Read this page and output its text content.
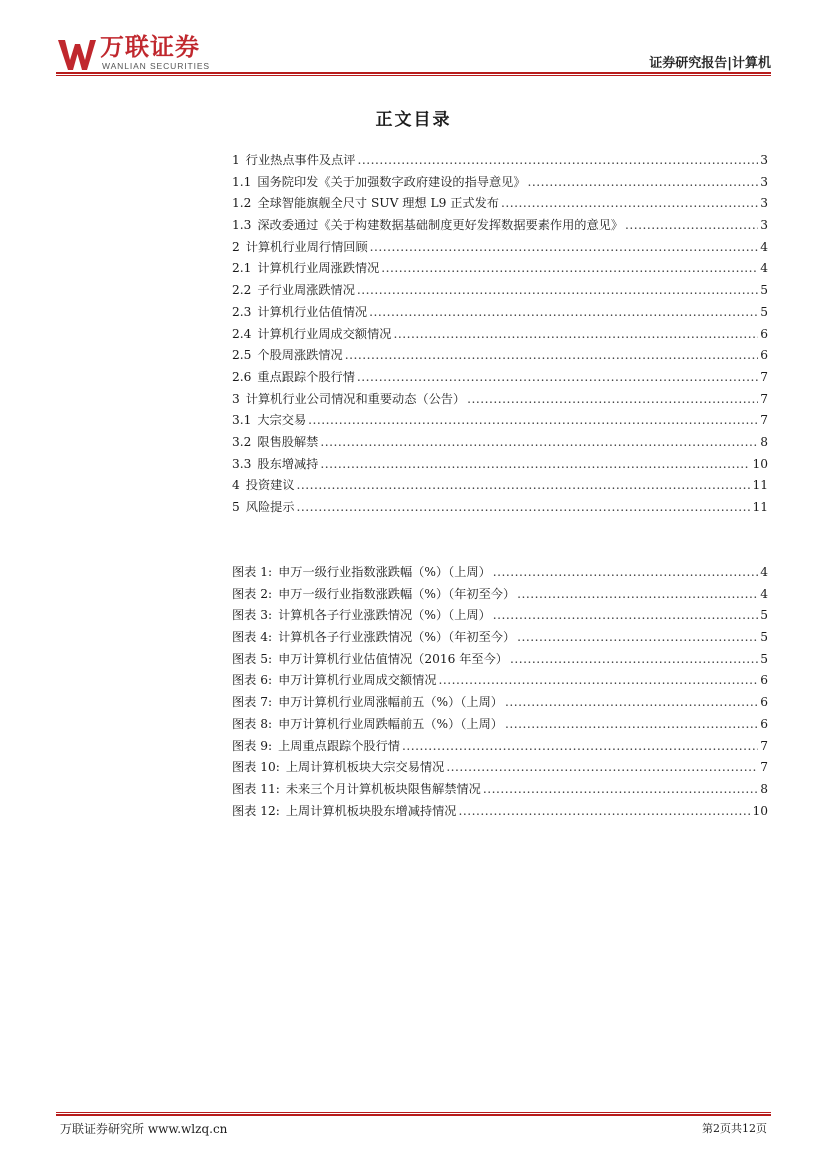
万联证券
WANLIAN SECURITIES	证券研究报告|计算机
正文目录
1 行业热点事件及点评 .....	3
1.1 国务院印发《关于加强数字政府建设的指导意见》 .....	3
1.2 全球智能旗舰全尺寸 SUV 理想 L9 正式发布 .....	3
1.3 深改委通过《关于构建数据基础制度更好发挥数据要素作用的意见》 .....	3
2 计算机行业周行情回顾 .....	4
2.1 计算机行业周涨跌情况 .....	4
2.2 子行业周涨跌情况 .....	5
2.3 计算机行业估值情况 .....	5
2.4 计算机行业周成交额情况 .....	6
2.5 个股周涨跌情况 .....	6
2.6 重点跟踪个股行情 .....	7
3 计算机行业公司情况和重要动态（公告） .....	7
3.1 大宗交易 .....	7
3.2 限售股解禁 .....	8
3.3 股东增减持 .....	10
4 投资建议 .....	11
5 风险提示 .....	11
图表 1: 申万一级行业指数涨跌幅（%）（上周） .....	4
图表 2: 申万一级行业指数涨跌幅（%）（年初至今） .....	4
图表 3: 计算机各子行业涨跌情况（%）（上周） .....	5
图表 4: 计算机各子行业涨跌情况（%）（年初至今） .....	5
图表 5: 申万计算机行业估值情况（2016 年至今） .....	5
图表 6: 申万计算机行业周成交额情况 .....	6
图表 7: 申万计算机行业周涨幅前五（%）（上周） .....	6
图表 8: 申万计算机行业周跌幅前五（%）（上周） .....	6
图表 9: 上周重点跟踪个股行情 .....	7
图表 10: 上周计算机板块大宗交易情况 .....	7
图表 11: 未来三个月计算机板块限售解禁情况 .....	8
图表 12: 上周计算机板块股东增减持情况 .....	10
万联证券研究所 www.wlzq.cn	第2页共12页
